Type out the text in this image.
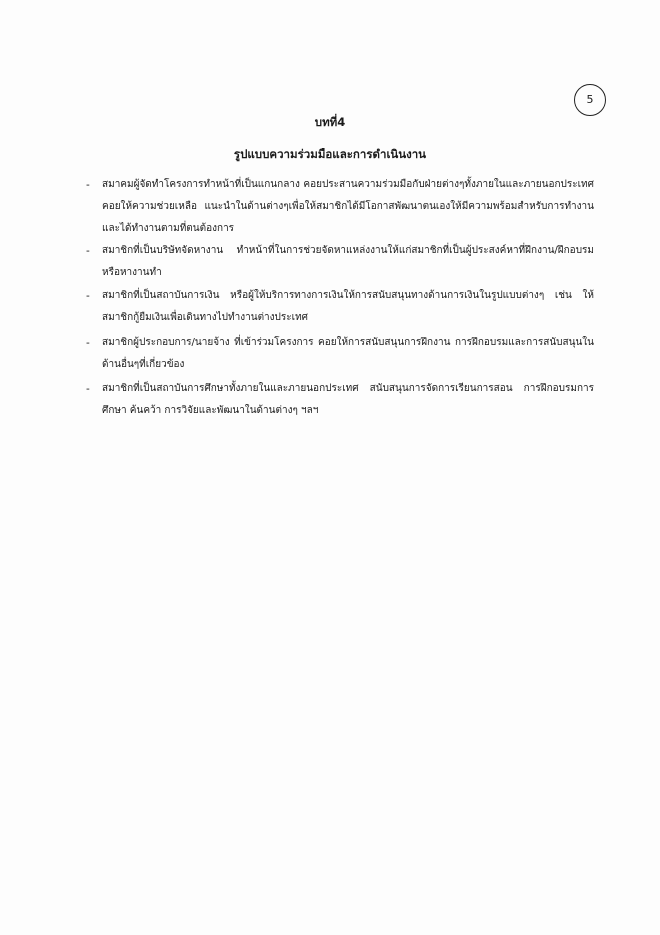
5
บทที่4
รูปแบบความร่วมมือและการดำเนินงาน
- สมาคมผู้จัดทำโครงการทำหน้าที่เป็นแกนกลาง คอยประสานความร่วมมือกับฝ่ายต่างๆทั้งภายในและภายนอกประเทศ คอยให้ความช่วยเหลือ แนะนำในด้านต่างๆเพื่อให้สมาชิกได้มีโอกาสพัฒนาตนเองให้มีความพร้อมสำหรับการทำงานและได้ทำงานตามที่ตนต้องการ
- สมาชิกที่เป็นบริษัทจัดหางาน ทำหน้าที่ในการช่วยจัดหาแหล่งงานให้แก่สมาชิกที่เป็นผู้ประสงค์หาที่ฝึกงาน/ฝึกอบรมหรือหางานทำ
- สมาชิกที่เป็นสถาบันการเงิน หรือผู้ให้บริการทางการเงินให้การสนับสนุนทางด้านการเงินในรูปแบบต่างๆ เช่น ให้สมาชิกกู้ยืมเงินเพื่อเดินทางไปทำงานต่างประเทศ
- สมาชิกผู้ประกอบการ/นายจ้าง ที่เข้าร่วมโครงการ คอยให้การสนับสนุนการฝึกงาน การฝึกอบรมและการสนับสนุนในด้านอื่นๆที่เกี่ยวข้อง
- สมาชิกที่เป็นสถาบันการศึกษาทั้งภายในและภายนอกประเทศ สนับสนุนการจัดการเรียนการสอน การฝึกอบรมการศึกษา ค้นคว้า การวิจัยและพัฒนาในด้านต่างๆ ฯลฯ
